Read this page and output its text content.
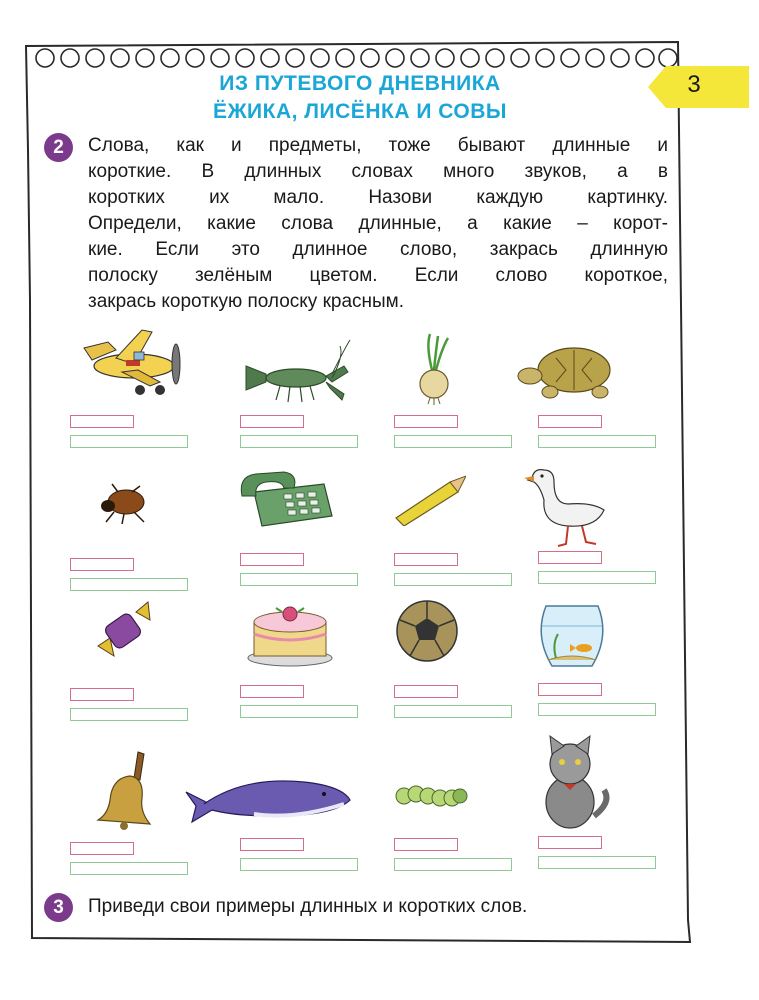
3
ИЗ ПУТЕВОГО ДНЕВНИКА
ЁЖИКА, ЛИСЁНКА И СОВЫ
2	Слова, как и предметы, тоже бывают длинные и
короткие. В длинных словах много звуков, а в
коротких их мало. Назови каждую картинку.
Определи, какие слова длинные, а какие – корот-
кие. Если это длинное слово, закрась длинную
полоску зелёным цветом. Если слово короткое,
закрась короткую полоску красным.
3	Приведи свои примеры длинных и коротких слов.
